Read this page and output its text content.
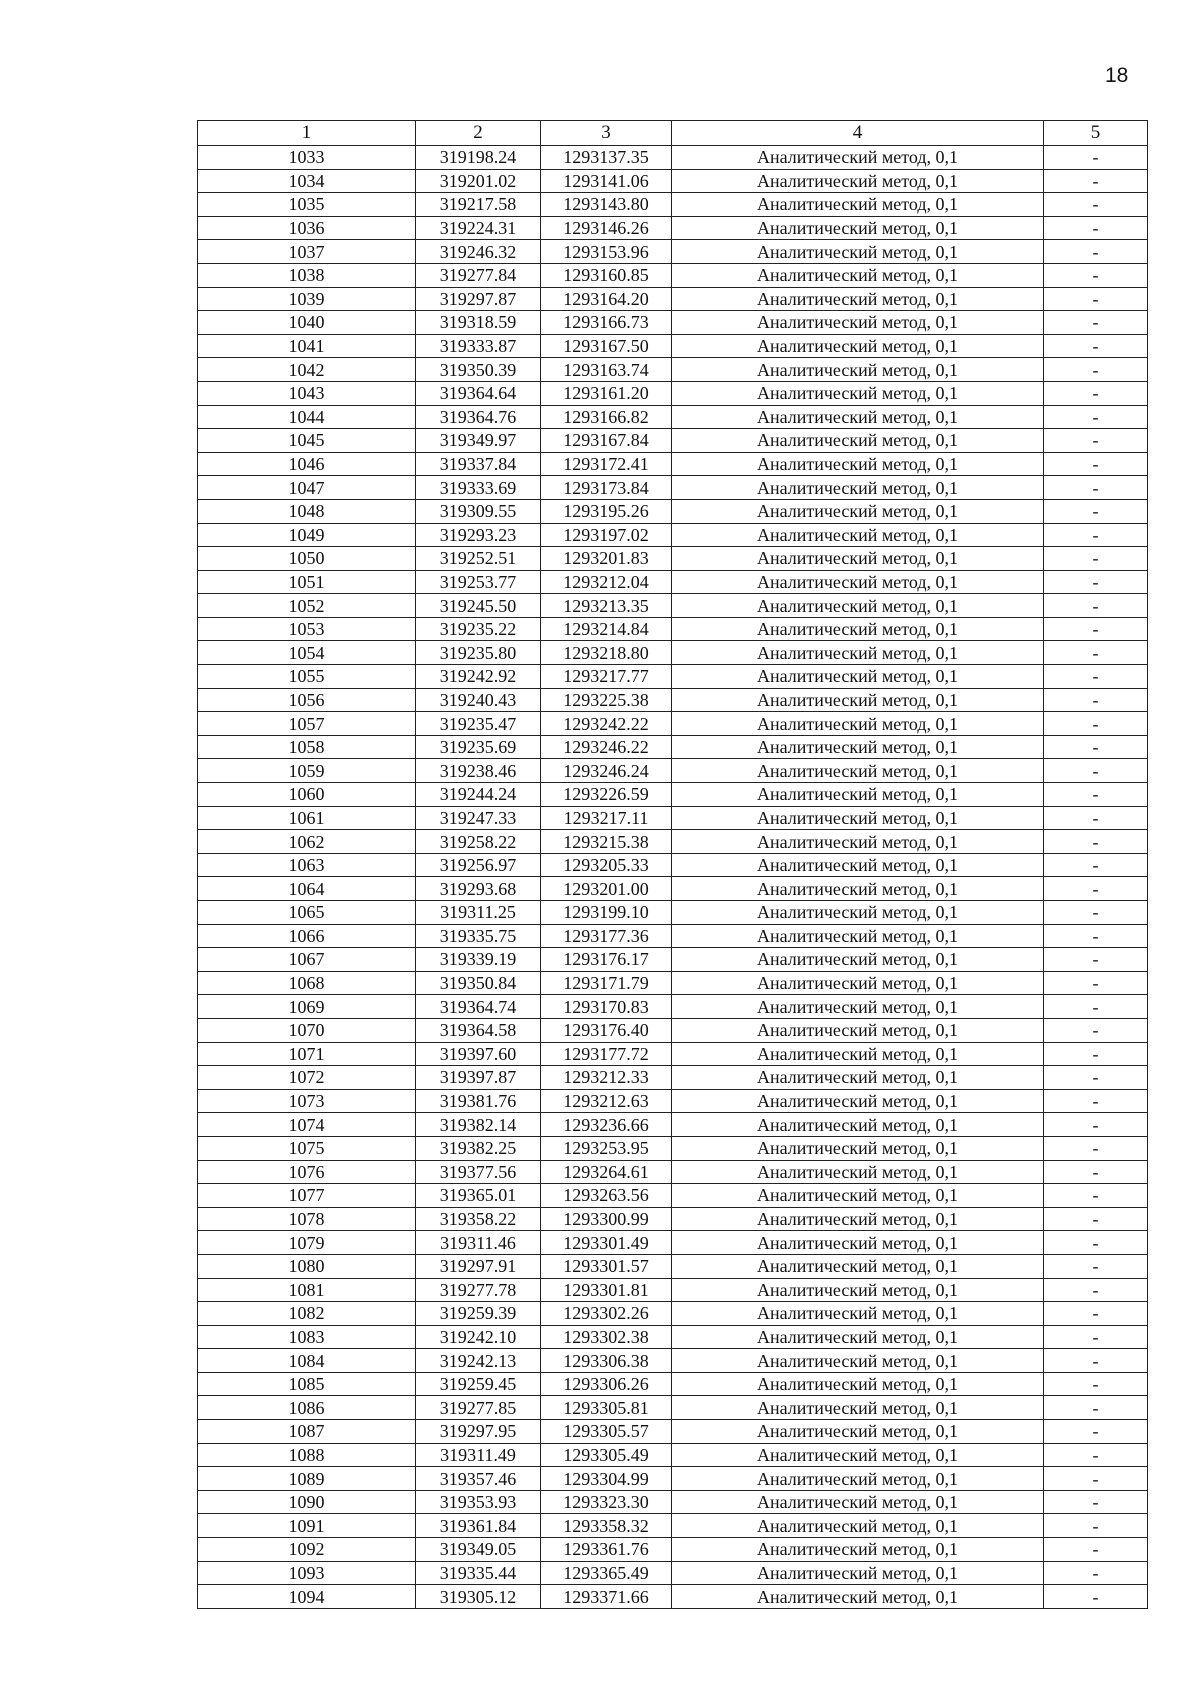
18
1	2	3	4	5
1033	319198.24	1293137.35	Аналитический метод, 0,1	-
1034	319201.02	1293141.06	Аналитический метод, 0,1	-
1035	319217.58	1293143.80	Аналитический метод, 0,1	-
1036	319224.31	1293146.26	Аналитический метод, 0,1	-
1037	319246.32	1293153.96	Аналитический метод, 0,1	-
1038	319277.84	1293160.85	Аналитический метод, 0,1	-
1039	319297.87	1293164.20	Аналитический метод, 0,1	-
1040	319318.59	1293166.73	Аналитический метод, 0,1	-
1041	319333.87	1293167.50	Аналитический метод, 0,1	-
1042	319350.39	1293163.74	Аналитический метод, 0,1	-
1043	319364.64	1293161.20	Аналитический метод, 0,1	-
1044	319364.76	1293166.82	Аналитический метод, 0,1	-
1045	319349.97	1293167.84	Аналитический метод, 0,1	-
1046	319337.84	1293172.41	Аналитический метод, 0,1	-
1047	319333.69	1293173.84	Аналитический метод, 0,1	-
1048	319309.55	1293195.26	Аналитический метод, 0,1	-
1049	319293.23	1293197.02	Аналитический метод, 0,1	-
1050	319252.51	1293201.83	Аналитический метод, 0,1	-
1051	319253.77	1293212.04	Аналитический метод, 0,1	-
1052	319245.50	1293213.35	Аналитический метод, 0,1	-
1053	319235.22	1293214.84	Аналитический метод, 0,1	-
1054	319235.80	1293218.80	Аналитический метод, 0,1	-
1055	319242.92	1293217.77	Аналитический метод, 0,1	-
1056	319240.43	1293225.38	Аналитический метод, 0,1	-
1057	319235.47	1293242.22	Аналитический метод, 0,1	-
1058	319235.69	1293246.22	Аналитический метод, 0,1	-
1059	319238.46	1293246.24	Аналитический метод, 0,1	-
1060	319244.24	1293226.59	Аналитический метод, 0,1	-
1061	319247.33	1293217.11	Аналитический метод, 0,1	-
1062	319258.22	1293215.38	Аналитический метод, 0,1	-
1063	319256.97	1293205.33	Аналитический метод, 0,1	-
1064	319293.68	1293201.00	Аналитический метод, 0,1	-
1065	319311.25	1293199.10	Аналитический метод, 0,1	-
1066	319335.75	1293177.36	Аналитический метод, 0,1	-
1067	319339.19	1293176.17	Аналитический метод, 0,1	-
1068	319350.84	1293171.79	Аналитический метод, 0,1	-
1069	319364.74	1293170.83	Аналитический метод, 0,1	-
1070	319364.58	1293176.40	Аналитический метод, 0,1	-
1071	319397.60	1293177.72	Аналитический метод, 0,1	-
1072	319397.87	1293212.33	Аналитический метод, 0,1	-
1073	319381.76	1293212.63	Аналитический метод, 0,1	-
1074	319382.14	1293236.66	Аналитический метод, 0,1	-
1075	319382.25	1293253.95	Аналитический метод, 0,1	-
1076	319377.56	1293264.61	Аналитический метод, 0,1	-
1077	319365.01	1293263.56	Аналитический метод, 0,1	-
1078	319358.22	1293300.99	Аналитический метод, 0,1	-
1079	319311.46	1293301.49	Аналитический метод, 0,1	-
1080	319297.91	1293301.57	Аналитический метод, 0,1	-
1081	319277.78	1293301.81	Аналитический метод, 0,1	-
1082	319259.39	1293302.26	Аналитический метод, 0,1	-
1083	319242.10	1293302.38	Аналитический метод, 0,1	-
1084	319242.13	1293306.38	Аналитический метод, 0,1	-
1085	319259.45	1293306.26	Аналитический метод, 0,1	-
1086	319277.85	1293305.81	Аналитический метод, 0,1	-
1087	319297.95	1293305.57	Аналитический метод, 0,1	-
1088	319311.49	1293305.49	Аналитический метод, 0,1	-
1089	319357.46	1293304.99	Аналитический метод, 0,1	-
1090	319353.93	1293323.30	Аналитический метод, 0,1	-
1091	319361.84	1293358.32	Аналитический метод, 0,1	-
1092	319349.05	1293361.76	Аналитический метод, 0,1	-
1093	319335.44	1293365.49	Аналитический метод, 0,1	-
1094	319305.12	1293371.66	Аналитический метод, 0,1	-
